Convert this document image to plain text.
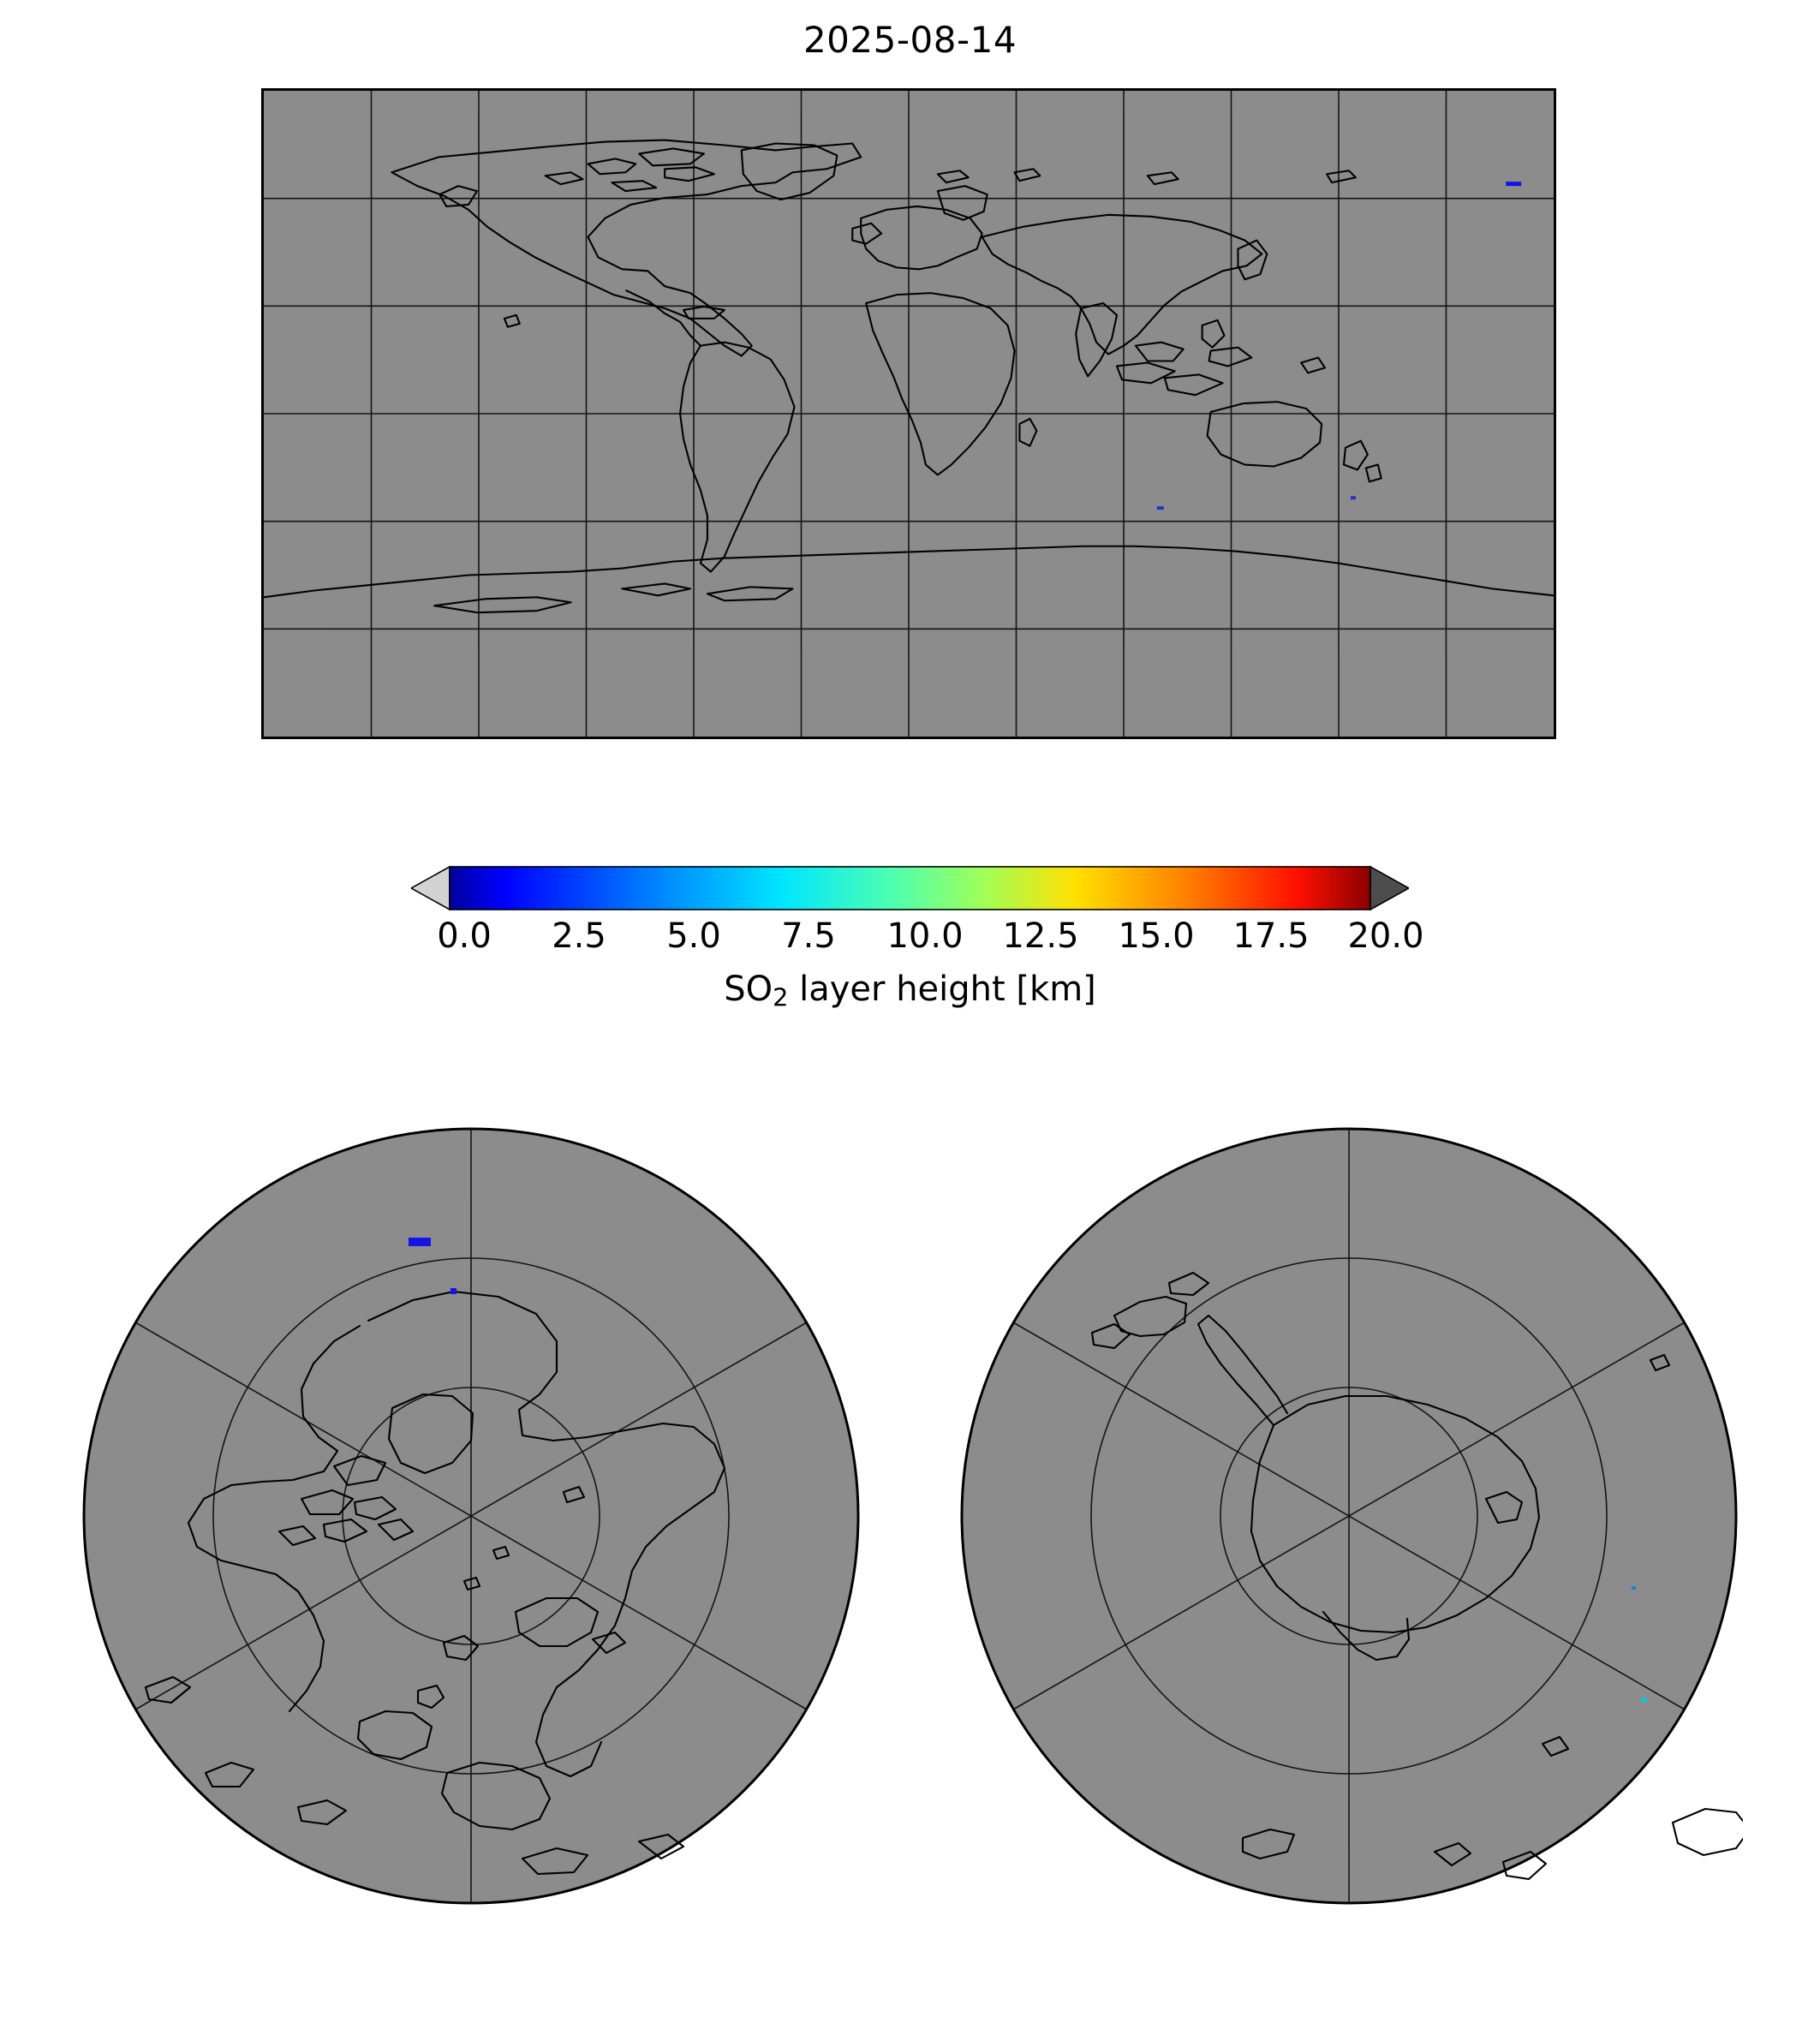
2025-08-14
0.0 2.5 5.0 7.5 10.0 12.5 15.0 17.5 20.0
$SO_2$ layer height [km]
